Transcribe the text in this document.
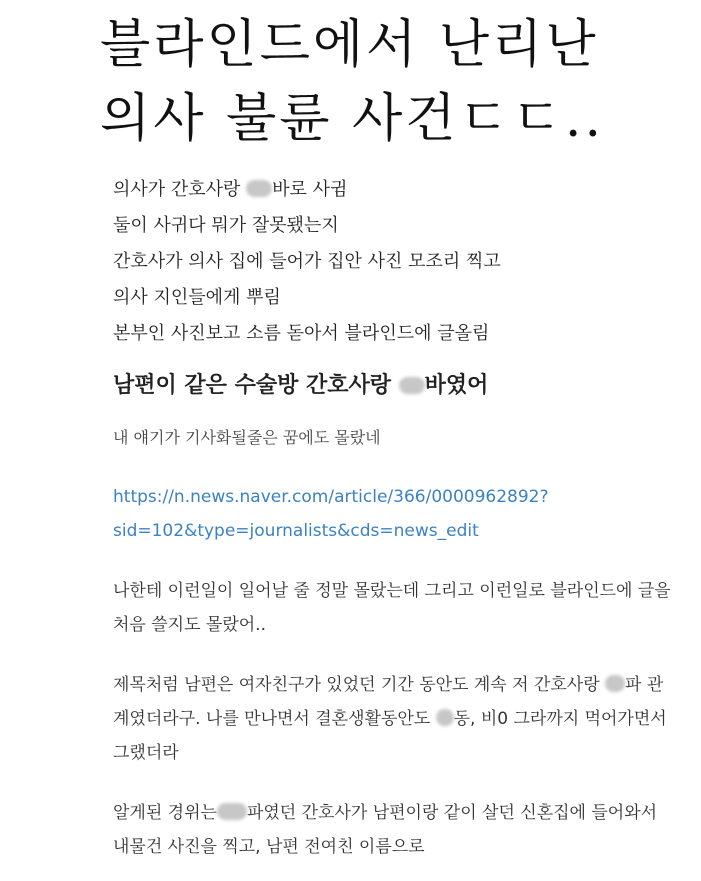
블라인드에서 난리난
의사 불륜 사건ㄷㄷ..
의사가 간호사랑 바로 사귐
둘이 사귀다 뭐가 잘못됐는지
간호사가 의사 집에 들어가 집안 사진 모조리 찍고
의사 지인들에게 뿌림
본부인 사진보고 소름 돋아서 블라인드에 글올림
남편이 같은 수술방 간호사랑 바였어
내 얘기가 기사화될줄은 꿈에도 몰랐네
https://n.news.naver.com/article/366/0000962892?sid=102&type=journalists&cds=news_edit

나한테 이런일이 일어날 줄 정말 몰랐는데 그리고 이런일로 블라인드에 글을 처음 쓸지도 몰랐어..

제목처럼 남편은 여자친구가 있었던 기간 동안도 계속 저 간호사랑 파 관계였더라구. 나를 만나면서 결혼생활동안도 동, 비0 그라까지 먹어가면서 그랬더라

알게된 경위는 파였던 간호사가 남편이랑 같이 살던 신혼집에 들어와서 내물건 사진을 찍고, 남편 전여친 이름으로
